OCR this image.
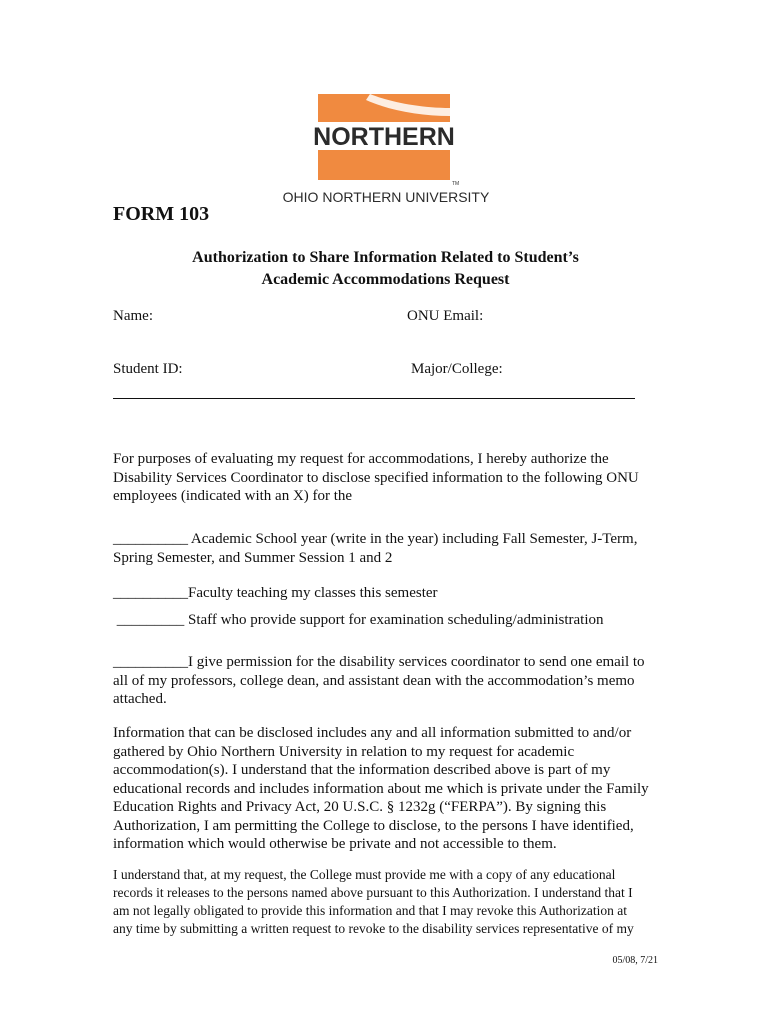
NORTHERN
TM
OHIO NORTHERN UNIVERSITY
FORM 103
Authorization to Share Information Related to Student’s
Academic Accommodations Request
Name:	ONU Email:
Student ID:	Major/College:
For purposes of evaluating my request for accommodations, I hereby authorize the
Disability Services Coordinator to disclose specified information to the following ONU
employees (indicated with an X) for the
__________ Academic School year (write in the year) including Fall Semester, J-Term,
Spring Semester, and Summer Session 1 and 2
__________Faculty teaching my classes this semester
_________ Staff who provide support for examination scheduling/administration
__________I give permission for the disability services coordinator to send one email to
all of my professors, college dean, and assistant dean with the accommodation’s memo
attached.
Information that can be disclosed includes any and all information submitted to and/or
gathered by Ohio Northern University in relation to my request for academic
accommodation(s). I understand that the information described above is part of my
educational records and includes information about me which is private under the Family
Education Rights and Privacy Act, 20 U.S.C. § 1232g (“FERPA”). By signing this
Authorization, I am permitting the College to disclose, to the persons I have identified,
information which would otherwise be private and not accessible to them.
I understand that, at my request, the College must provide me with a copy of any educational
records it releases to the persons named above pursuant to this Authorization. I understand that I
am not legally obligated to provide this information and that I may revoke this Authorization at
any time by submitting a written request to revoke to the disability services representative of my
05/08, 7/21
